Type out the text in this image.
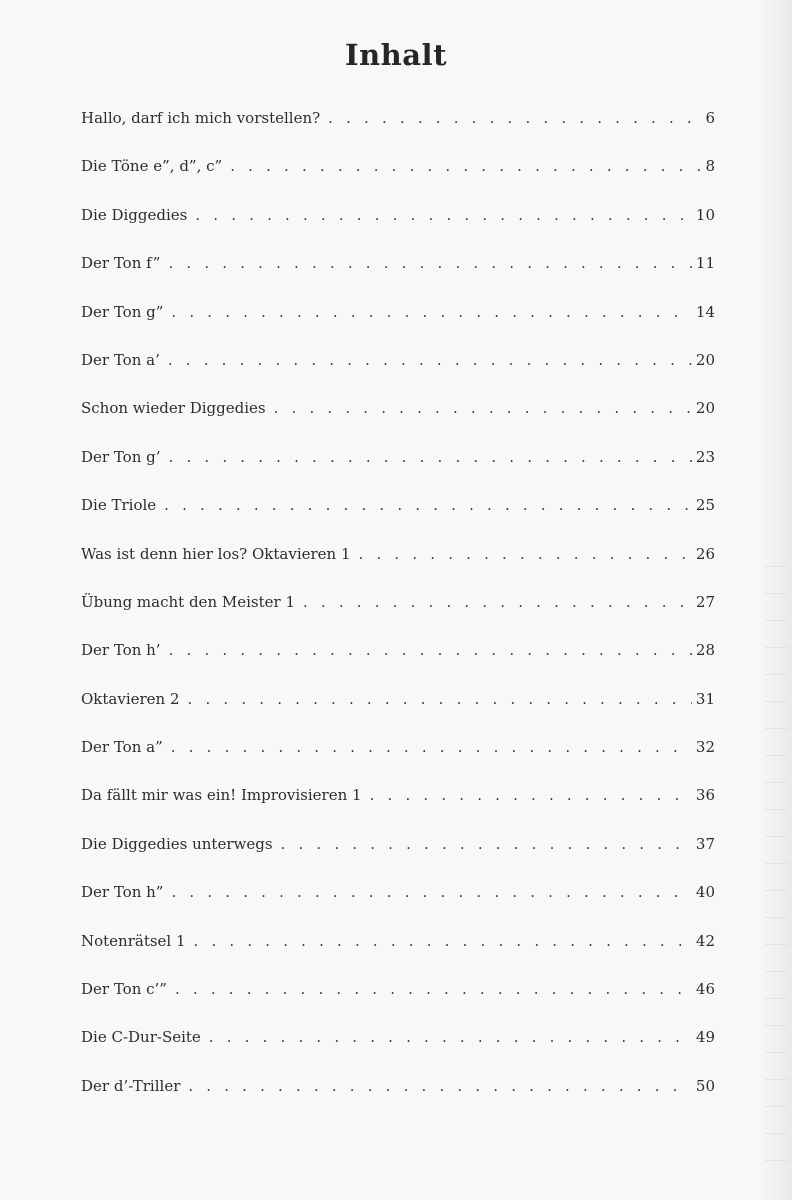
Inhalt
Hallo, darf ich mich vorstellen? . . .	6
Die Töne e”, d”, c” . . .	8
Die Diggedies . . .	10
Der Ton f” . . .	11
Der Ton g” . . .	14
Der Ton a’ . . .	20
Schon wieder Diggedies . . .	20
Der Ton g’ . . .	23
Die Triole . . .	25
Was ist denn hier los? Oktavieren 1 . . .	26
Übung macht den Meister 1 . . .	27
Der Ton h’ . . .	28
Oktavieren 2 . . .	31
Der Ton a” . . .	32
Da fällt mir was ein! Improvisieren 1 . . .	36
Die Diggedies unterwegs . . .	37
Der Ton h” . . .	40
Notenrätsel 1 . . .	42
Der Ton c’” . . .	46
Die C-Dur-Seite . . .	49
Der d’-Triller . . .	50
